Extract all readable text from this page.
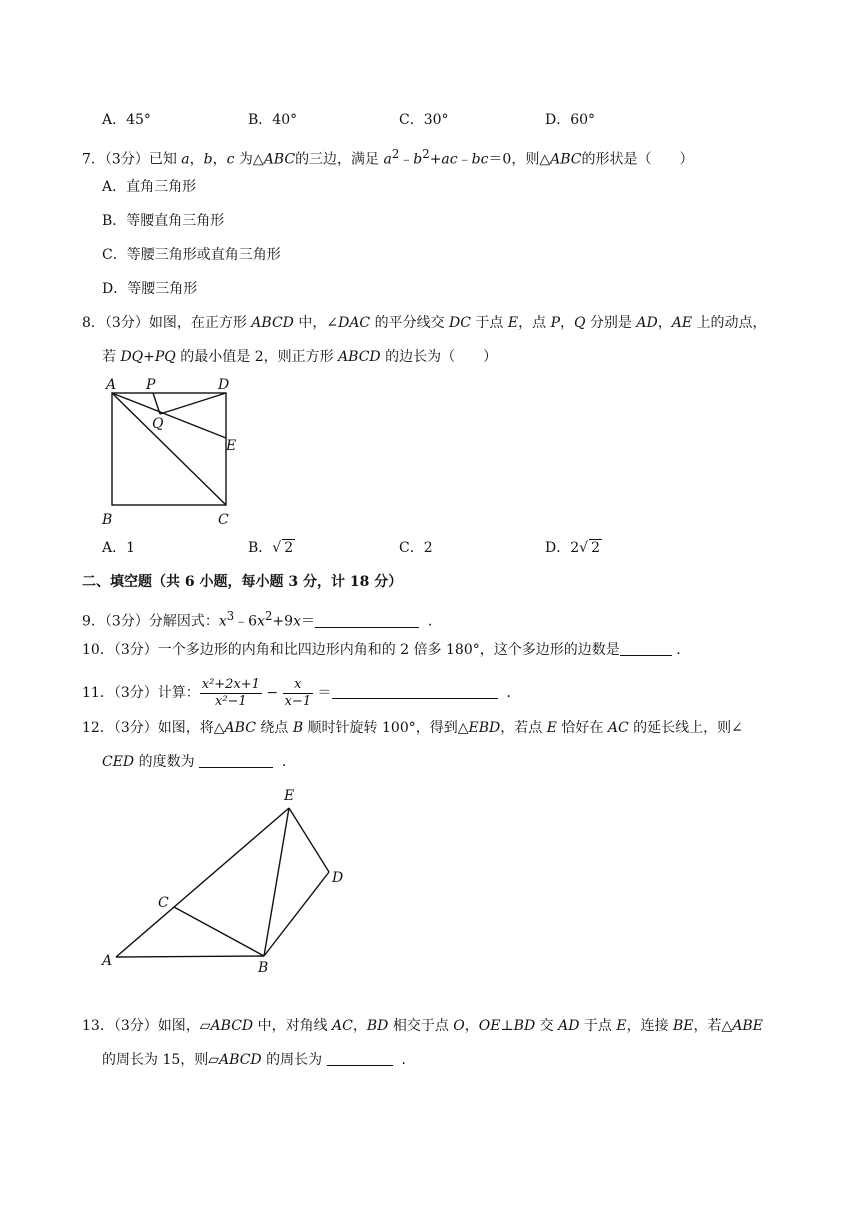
A．45°	B．40°	C．30°	D．60°
7．（3分）已知 a，b，c 为△ABC的三边，满足 $a^2﹣b^2+ac﹣bc=0$，则△ABC的形状是（　　）
A．直角三角形
B．等腰直角三角形
C．等腰三角形或直角三角形
D．等腰三角形
8．（3分）如图，在正方形 ABCD 中，∠DAC 的平分线交 DC 于点 E，点 P，Q 分别是 AD，AE 上的动点，
若 DQ+PQ 的最小值是 2，则正方形 ABCD 的边长为（　　）
A P	D
Q
E
B	C
A．1	B．√ 2	C．2	D．2√ 2
二、填空题（共 6 小题，每小题 3 分，计 18 分）
9．（3分）分解因式：$x^3﹣6x^2+9x=$	．
10．（3分）一个多边形的内角和比四边形内角和的 2 倍多 180°，这个多边形的边数是	．
11．（3分）计算： $\frac{\text{x²+2x+1}}{\text{x²−1}} - \frac{x}{x-1}$ ＝	．
12．（3分）如图，将△ABC 绕点 B 顺时针旋转 100°，得到△EBD，若点 E 恰好在 AC 的延长线上，则∠
CED 的度数为	．
E
D
C
A	B
13．（3分）如图，▱ABCD 中，对角线 AC，BD 相交于点 O，OE⊥BD 交 AD 于点 E，连接 BE，若△ABE
的周长为 15，则▱ABCD 的周长为	．
